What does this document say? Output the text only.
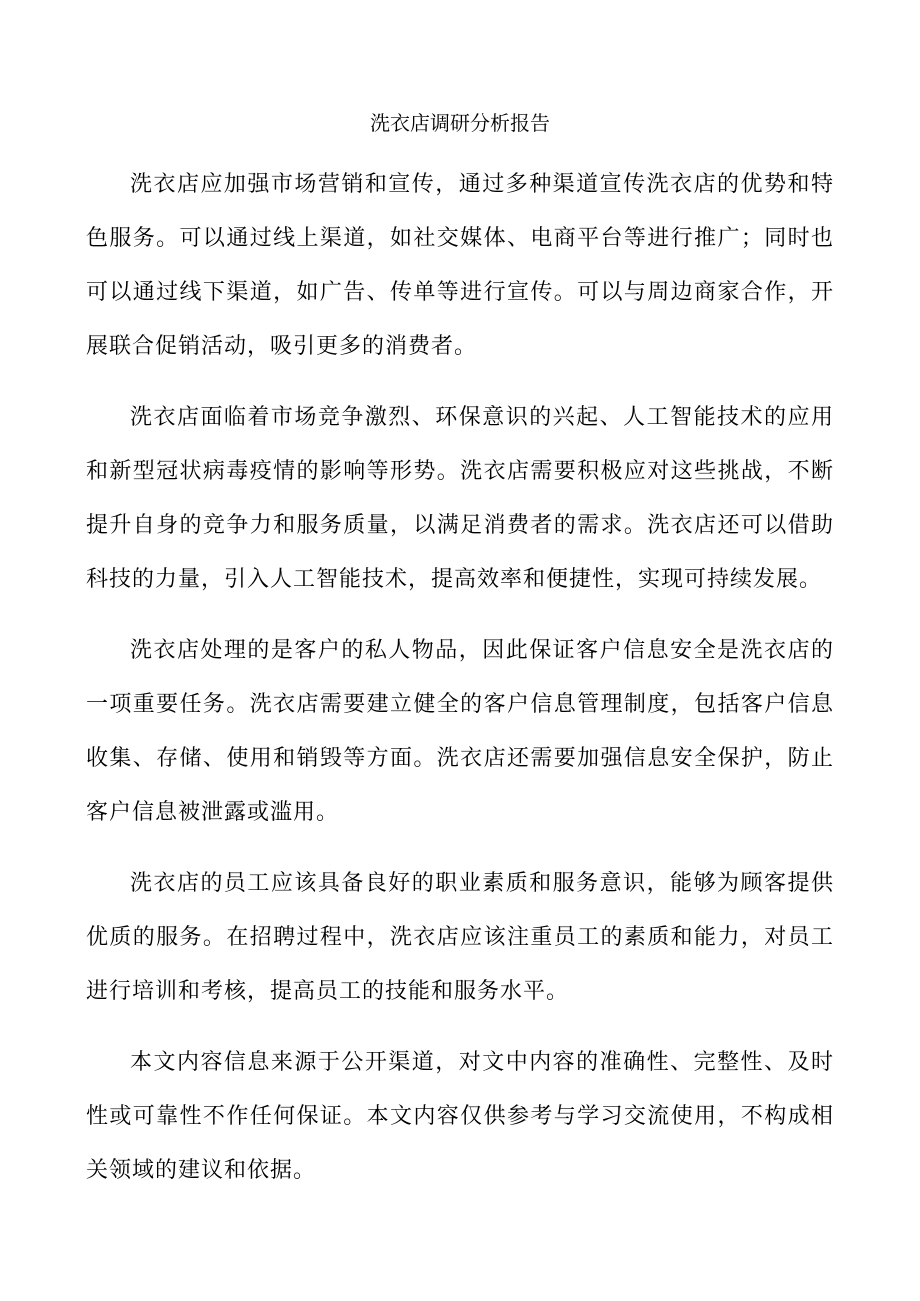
洗衣店调研分析报告

洗衣店应加强市场营销和宣传，通过多种渠道宣传洗衣店的优势和特色服务。可以通过线上渠道，如社交媒体、电商平台等进行推广；同时也可以通过线下渠道，如广告、传单等进行宣传。可以与周边商家合作，开展联合促销活动，吸引更多的消费者。

洗衣店面临着市场竞争激烈、环保意识的兴起、人工智能技术的应用和新型冠状病毒疫情的影响等形势。洗衣店需要积极应对这些挑战，不断提升自身的竞争力和服务质量，以满足消费者的需求。洗衣店还可以借助科技的力量，引入人工智能技术，提高效率和便捷性，实现可持续发展。

洗衣店处理的是客户的私人物品，因此保证客户信息安全是洗衣店的一项重要任务。洗衣店需要建立健全的客户信息管理制度，包括客户信息收集、存储、使用和销毁等方面。洗衣店还需要加强信息安全保护，防止客户信息被泄露或滥用。

洗衣店的员工应该具备良好的职业素质和服务意识，能够为顾客提供优质的服务。在招聘过程中，洗衣店应该注重员工的素质和能力，对员工进行培训和考核，提高员工的技能和服务水平。

本文内容信息来源于公开渠道，对文中内容的准确性、完整性、及时性或可靠性不作任何保证。本文内容仅供参考与学习交流使用，不构成相关领域的建议和依据。
